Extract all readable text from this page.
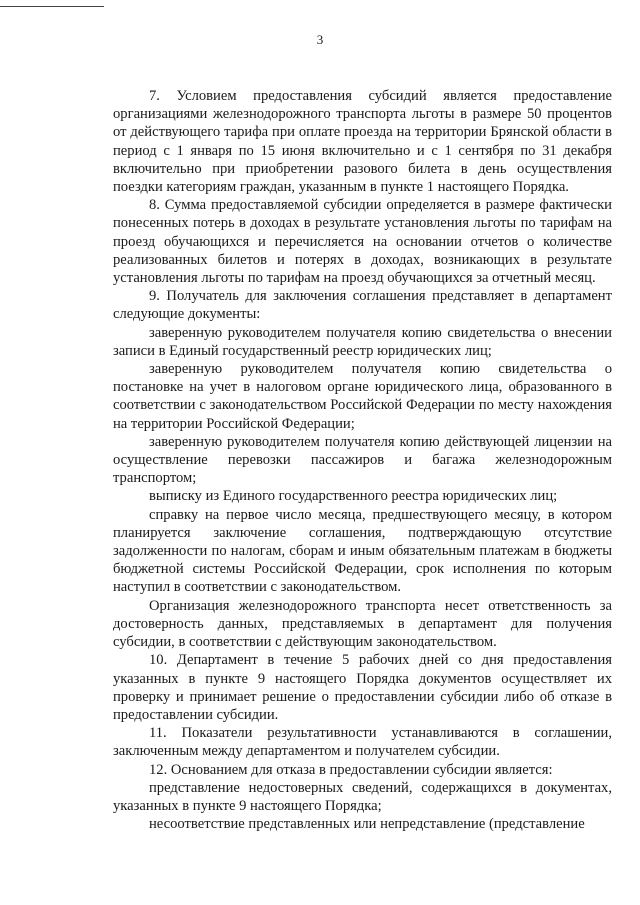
3

7. Условием предоставления субсидий является предоставление организациями железнодорожного транспорта льготы в размере 50 процентов от действующего тарифа при оплате проезда на территории Брянской области в период с 1 января по 15 июня включительно и с 1 сентября по 31 декабря включительно при приобретении разового билета в день осуществления поездки категориям граждан, указанным в пункте 1 настоящего Порядка.

8. Сумма предоставляемой субсидии определяется в размере фактически понесенных потерь в доходах в результате установления льготы по тарифам на проезд обучающихся и перечисляется на основании отчетов о количестве реализованных билетов и потерях в доходах, возникающих в результате установления льготы по тарифам на проезд обучающихся за отчетный месяц.

9. Получатель для заключения соглашения представляет в департамент следующие документы:

заверенную руководителем получателя копию свидетельства о внесении записи в Единый государственный реестр юридических лиц;

заверенную руководителем получателя копию свидетельства о постановке на учет в налоговом органе юридического лица, образованного в соответствии с законодательством Российской Федерации по месту нахождения на территории Российской Федерации;

заверенную руководителем получателя копию действующей лицензии на осуществление перевозки пассажиров и багажа железнодорожным транспортом;

выписку из Единого государственного реестра юридических лиц;

справку на первое число месяца, предшествующего месяцу, в котором планируется заключение соглашения, подтверждающую отсутствие задолженности по налогам, сборам и иным обязательным платежам в бюджеты бюджетной системы Российской Федерации, срок исполнения по которым наступил в соответствии с законодательством.

Организация железнодорожного транспорта несет ответственность за достоверность данных, представляемых в департамент для получения субсидии, в соответствии с действующим законодательством.

10. Департамент в течение 5 рабочих дней со дня предоставления указанных в пункте 9 настоящего Порядка документов осуществляет их проверку и принимает решение о предоставлении субсидии либо об отказе в предоставлении субсидии.

11. Показатели результативности устанавливаются в соглашении, заключенным между департаментом и получателем субсидии.

12. Основанием для отказа в предоставлении субсидии является:

представление недостоверных сведений, содержащихся в документах, указанных в пункте 9 настоящего Порядка;

несоответствие представленных или непредставление (представление
